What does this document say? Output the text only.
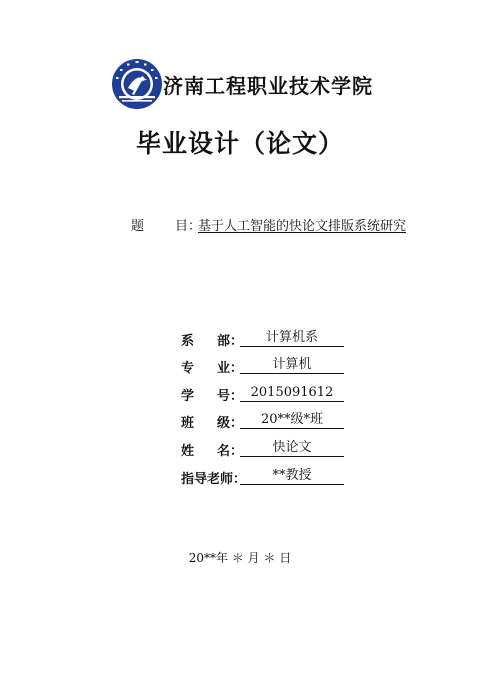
济南工程职业技术学院
毕业设计（论文）
题 目：
基于人工智能的快论文排版系统研究
系 部：	计算机系
专 业：	计算机
学 号： 2015091612
班 级：	20**级*班
姓 名：	快论文
指导老师：	**教授
20**年 ＊ 月 ＊ 日
